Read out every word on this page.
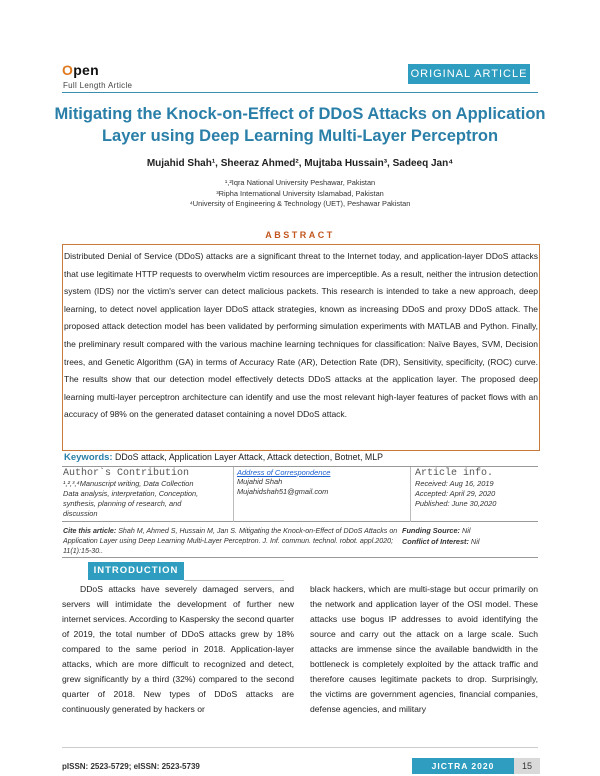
Open
Full Length Article
ORIGINAL ARTICLE
Mitigating the Knock-on-Effect of DDoS Attacks on Application
Layer using Deep Learning Multi-Layer Perceptron
Mujahid Shah¹, Sheeraz Ahmed², Mujtaba Hussain³, Sadeeq Jan⁴
¹,²Iqra National University Peshawar, Pakistan
³Ripha International University Islamabad, Pakistan
⁴University of Engineering & Technology (UET), Peshawar Pakistan
ABSTRACT
Distributed Denial of Service (DDoS) attacks are a significant threat to the Internet today, and application-layer DDoS attacks that use legitimate HTTP requests to overwhelm victim resources are imperceptible. As a result, neither the intrusion detection system (IDS) nor the victim's server can detect malicious packets. This research is intended to take a new approach, deep learning, to detect novel application layer DDoS attack strategies, known as increasing DDoS and proxy DDoS attack. The proposed attack detection model has been validated by performing simulation experiments with MATLAB and Python. Finally, the preliminary result compared with the various machine learning techniques for classification: Naïve Bayes, SVM, Decision trees, and Genetic Algorithm (GA) in terms of Accuracy Rate (AR), Detection Rate (DR), Sensitivity, specificity, (ROC) curve. The results show that our detection model effectively detects DDoS attacks at the application layer. The proposed deep learning multi-layer perceptron architecture can identify and use the most relevant high-layer features of packet flows with an accuracy of 98% on the generated dataset containing a novel DDoS attack.
Keywords: DDoS attack, Application Layer Attack, Attack detection, Botnet, MLP
Author`s Contribution
¹,²,³,⁴Manuscript writing, Data Collection
Data analysis, interpretation, Conception,
synthesis, planning of research, and
discussion
Address of Correspondence
Mujahid Shah
Mujahidshah51@gmail.com
Article info.
Received: Aug 16, 2019
Accepted: April 29, 2020
Published: June 30,2020
Cite this article: Shah M, Ahmed S, Hussain M, Jan S. Mitigating the Knock-on-Effect of DDoS Attacks on Application Layer using Deep Learning Multi-Layer Perceptron. J. Inf. commun. technol. robot. appl.2020; 11(1):15-30..
Funding Source: Nil
Conflict of Interest: Nil
INTRODUCTION
DDoS attacks have severely damaged servers, and servers will intimidate the development of further new internet services. According to Kaspersky the second quarter of 2019, the total number of DDoS attacks grew by 18% compared to the same period in 2018. Application-layer attacks, which are more difficult to recognized and detect, grew significantly by a third (32%) compared to the second quarter of 2018. New types of DDoS attacks are continuously generated by hackers or
black hackers, which are multi-stage but occur primarily on the network and application layer of the OSI model. These attacks use bogus IP addresses to avoid identifying the source and carry out the attack on a large scale. Such attacks are immense since the available bandwidth in the bottleneck is completely exploited by the attack traffic and therefore causes legitimate packets to drop. Surprisingly, the victims are government agencies, financial companies, defense agencies, and military
pISSN: 2523-5729; eISSN: 2523-5739	JICTRA 2020	15
